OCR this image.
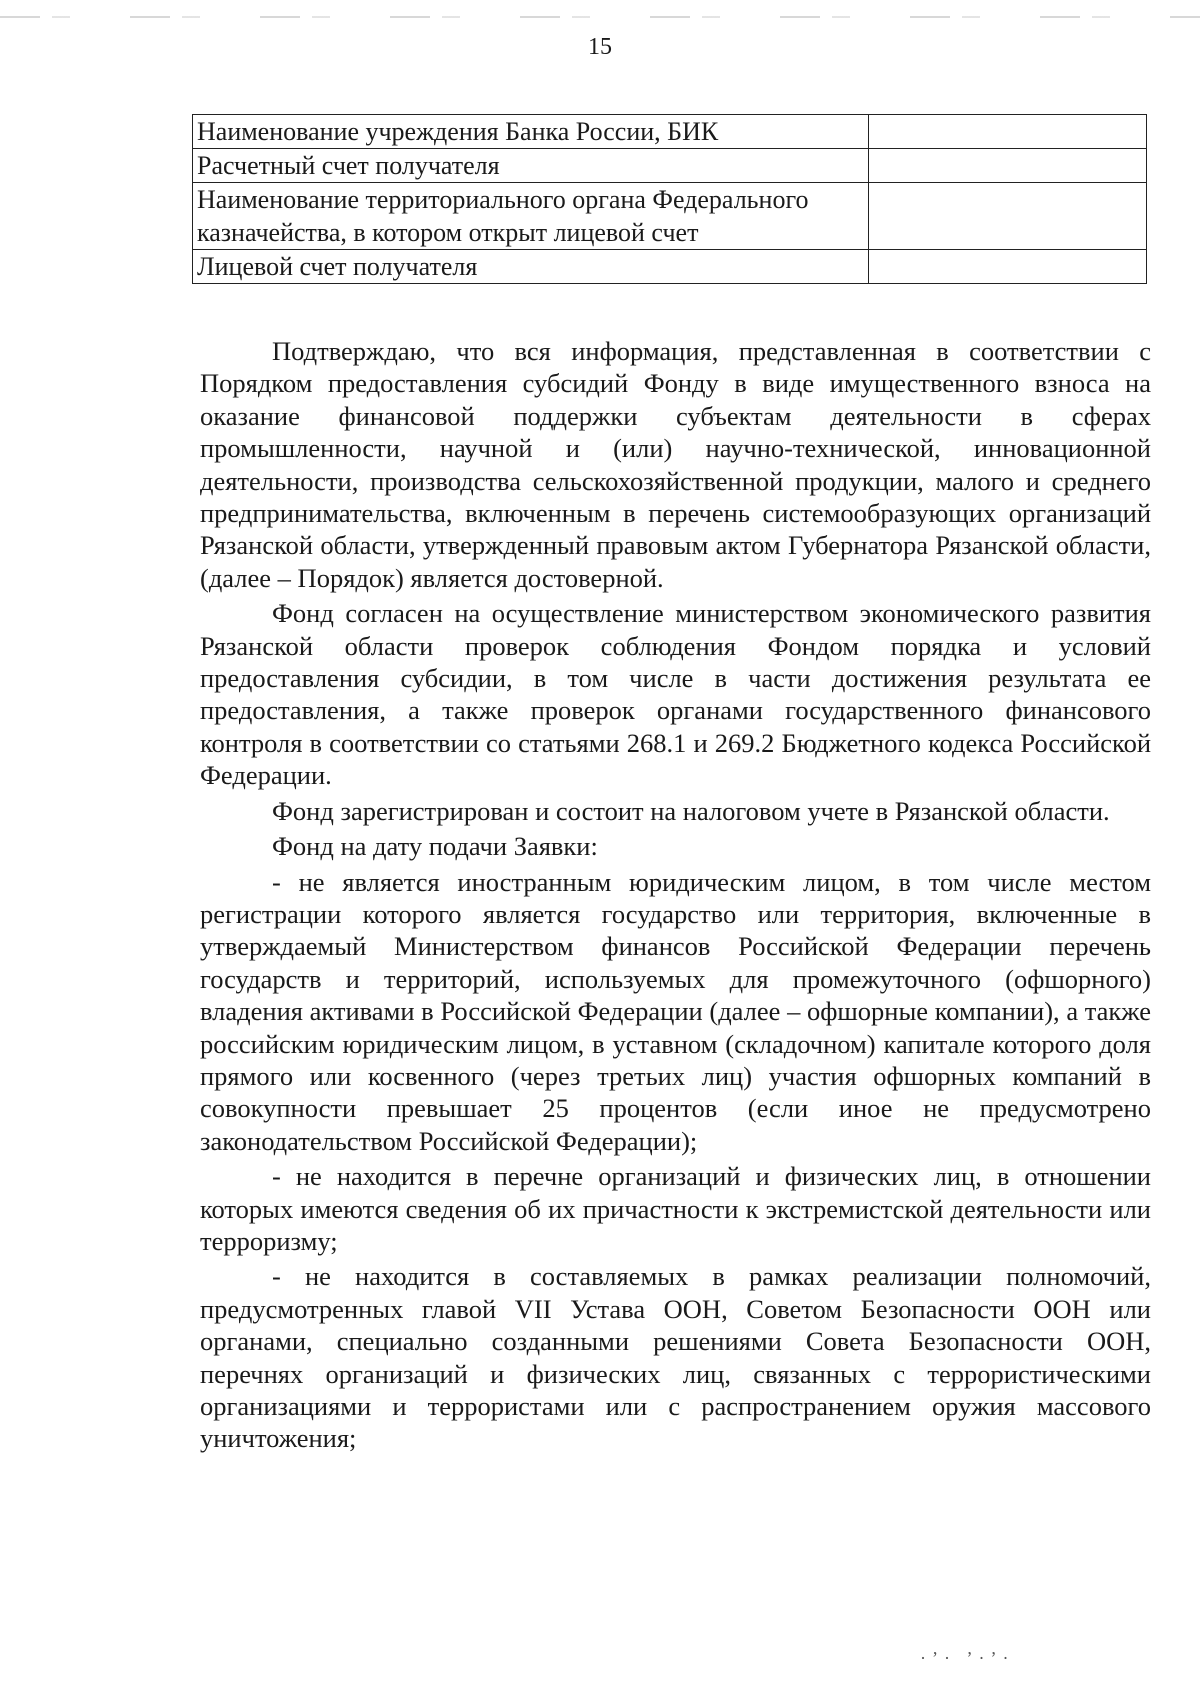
15
Наименование учреждения Банка России, БИК	
Расчетный счет получателя	
Наименование территориального органа Федерального казначейства, в котором открыт лицевой счет	
Лицевой счет получателя	

Подтверждаю, что вся информация, представленная в соответствии с Порядком предоставления субсидий Фонду в виде имущественного взноса на оказание финансовой поддержки субъектам деятельности в сферах промышленности, научной и (или) научно-технической, инновационной деятельности, производства сельскохозяйственной продукции, малого и среднего предпринимательства, включенным в перечень системообразующих организаций Рязанской области, утвержденный правовым актом Губернатора Рязанской области, (далее – Порядок) является достоверной.

Фонд согласен на осуществление министерством экономического развития Рязанской области проверок соблюдения Фондом порядка и условий предоставления субсидии, в том числе в части достижения результата ее предоставления, а также проверок органами государственного финансового контроля в соответствии со статьями 268.1 и 269.2 Бюджетного кодекса Российской Федерации.

Фонд зарегистрирован и состоит на налоговом учете в Рязанской области.

Фонд на дату подачи Заявки:

- не является иностранным юридическим лицом, в том числе местом регистрации которого является государство или территория, включенные в утверждаемый Министерством финансов Российской Федерации перечень государств и территорий, используемых для промежуточного (офшорного) владения активами в Российской Федерации (далее – офшорные компании), а также российским юридическим лицом, в уставном (складочном) капитале которого доля прямого или косвенного (через третьих лиц) участия офшорных компаний в совокупности превышает 25 процентов (если иное не предусмотрено законодательством Российской Федерации);

- не находится в перечне организаций и физических лиц, в отношении которых имеются сведения об их причастности к экстремистской деятельности или терроризму;

- не находится в составляемых в рамках реализации полномочий, предусмотренных главой VII Устава ООН, Советом Безопасности ООН или органами, специально созданными решениями Совета Безопасности ООН, перечнях организаций и физических лиц, связанных с террористическими организациями и террористами или с распространением оружия массового уничтожения;

·ʼ· ʼ·ʼ·
